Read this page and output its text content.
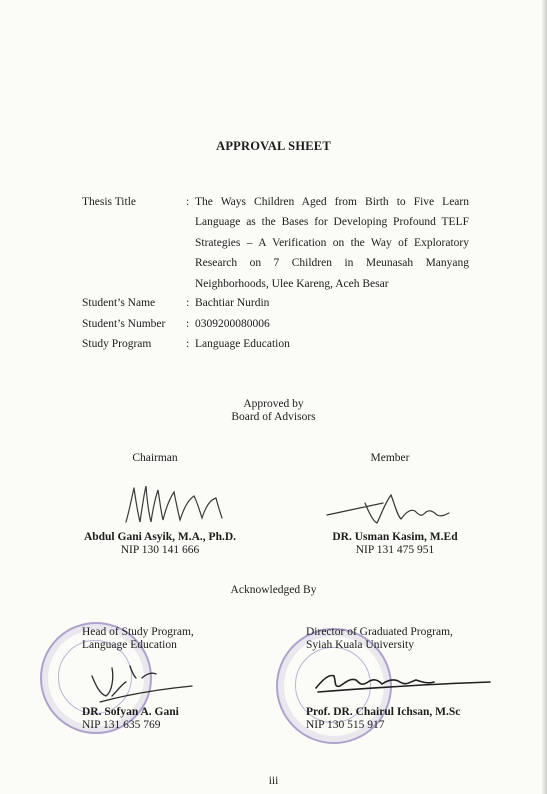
APPROVAL SHEET
Thesis Title	: The Ways Children Aged from Birth to Five Learn
Language as the Bases for Developing Profound TELF
Strategies – A Verification on the Way of Exploratory
Research on 7 Children in Meunasah Manyang
Neighborhoods, Ulee Kareng, Aceh Besar
Student’s Name	: Bachtiar Nurdin
Student’s Number : 0309200080006
Study Program	: Language Education
Approved by
Board of Advisors
Chairman
Abdul Gani Asyik, M.A., Ph.D.
NIP 130 141 666
Member
DR. Usman Kasim, M.Ed
NIP 131 475 951
Acknowledged By
Head of Study Program,
Language Education
DR. Sofyan A. Gani
NIP 131 635 769
Director of Graduated Program,
Syiah Kuala University
Prof. DR. Chairul Ichsan, M.Sc
NIP 130 515 917
iii
